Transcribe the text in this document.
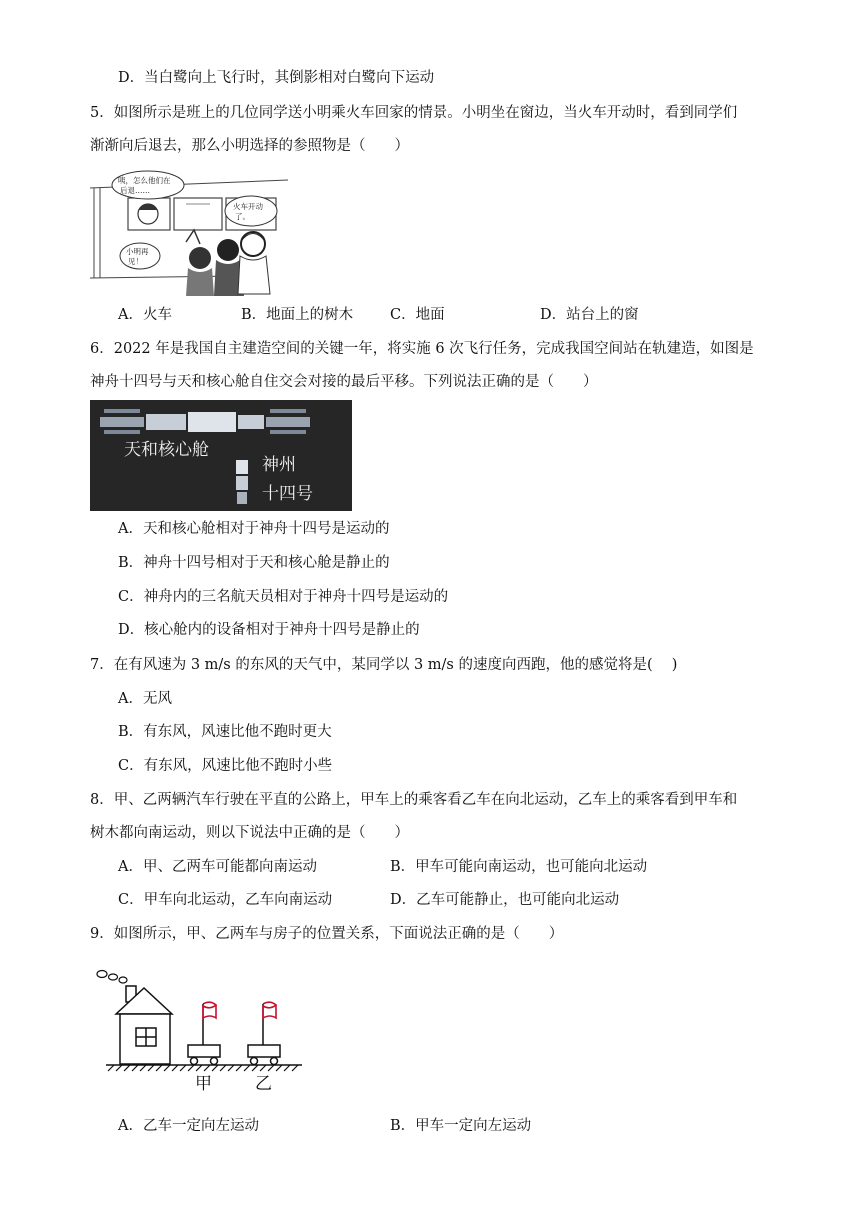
D．当白鹭向上飞行时，其倒影相对白鹭向下运动
5．如图所示是班上的几位同学送小明乘火车回家的情景。小明坐在窗边，当火车开动时，看到同学们
渐渐向后退去，那么小明选择的参照物是（　　）
咦，怎么他们在
后退……
火车开动
了。
小明再
见！
A．火车	B．地面上的树木	C．地面	D．站台上的窗
6．2022 年是我国自主建造空间的关键一年，将实施 6 次飞行任务，完成我国空间站在轨建造，如图是
神舟十四号与天和核心舱自住交会对接的最后平移。下列说法正确的是（　　）
天和核心舱
神州
十四号
A．天和核心舱相对于神舟十四号是运动的
B．神舟十四号相对于天和核心舱是静止的
C．神舟内的三名航天员相对于神舟十四号是运动的
D．核心舱内的设备相对于神舟十四号是静止的
7．在有风速为 3 m/s 的东风的天气中，某同学以 3 m/s 的速度向西跑，他的感觉将是(　 )
A．无风
B．有东风，风速比他不跑时更大
C．有东风，风速比他不跑时小些
8．甲、乙两辆汽车行驶在平直的公路上，甲车上的乘客看乙车在向北运动，乙车上的乘客看到甲车和
树木都向南运动，则以下说法中正确的是（　　）
A．甲、乙两车可能都向南运动	B．甲车可能向南运动，也可能向北运动
C．甲车向北运动，乙车向南运动	D．乙车可能静止，也可能向北运动
9．如图所示，甲、乙两车与房子的位置关系，下面说法正确的是（　　）
甲	乙
A．乙车一定向左运动	B．甲车一定向左运动
